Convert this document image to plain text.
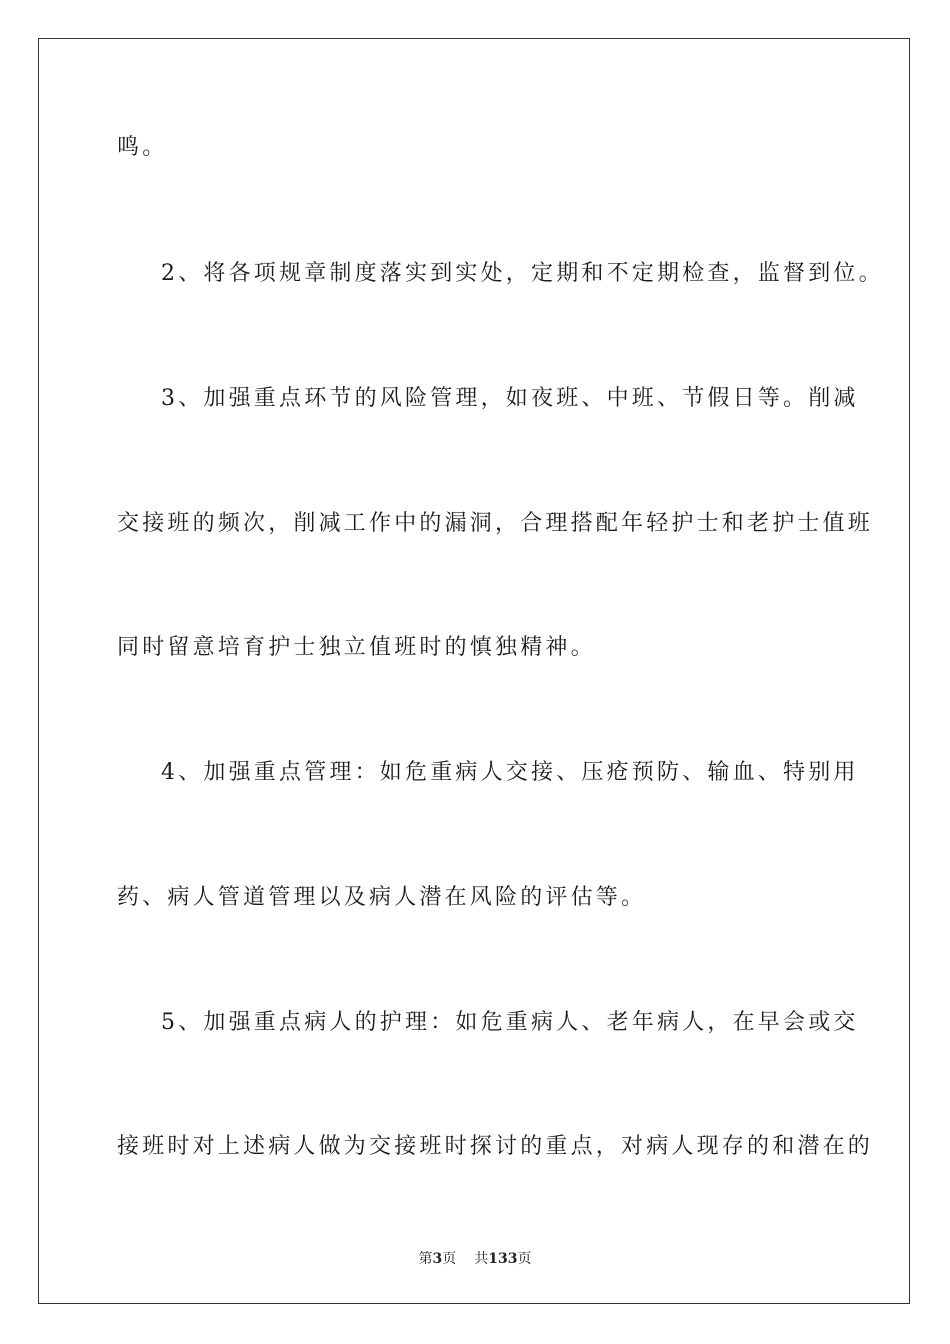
鸣。
2、将各项规章制度落实到实处，定期和不定期检查，监督到位。
3、加强重点环节的风险管理，如夜班、中班、节假日等。削减
交接班的频次，削减工作中的漏洞，合理搭配年轻护士和老护士值班
同时留意培育护士独立值班时的慎独精神。
4、加强重点管理：如危重病人交接、压疮预防、输血、特别用
药、病人管道管理以及病人潜在风险的评估等。
5、加强重点病人的护理：如危重病人、老年病人，在早会或交
接班时对上述病人做为交接班时探讨的重点，对病人现存的和潜在的
第3页 共133页
